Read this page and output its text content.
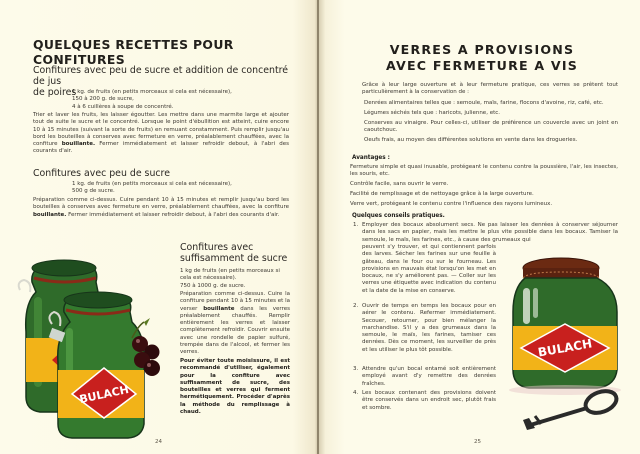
QUELQUES RECETTES POUR CONFITURES
Confitures avec peu de sucre et addition de concentré de jus
de poires
1 kg. de fruits (en petits morceaux si cela est nécessaire),
150 à 200 g. de sucre,
4 à 6 cuillères à soupe de concentré.

Trier et laver les fruits, les laisser égoutter. Les mettre dans une marmite large et ajouter tout de suite le sucre et le concentré. Lorsque le point d'ébullition est atteint, cuire encore 10 à 15 minutes (suivant la sorte de fruits) en remuant constamment. Puis remplir jusqu'au bord les bouteilles à conserves avec fermeture en verre, préalablement chauffées, avec la confiture bouillante. Fermer immédiatement et laisser refroidir debout, à l'abri des courants d'air.

Confitures avec peu de sucre
1 kg. de fruits (en petits morceaux si cela est nécessaire),
500 g de sucre.

Préparation comme ci-dessus. Cuire pendant 10 à 15 minutes et remplir jusqu'au bord les bouteilles à conserves avec fermeture en verre, préalablement chauffées, avec la confiture bouillante. Fermer immédiatement et laisser refroidir debout, à l'abri des courants d'air.

Confitures avec
suffisamment de sucre
1 kg de fruits (en petits morceaux si cela est nécessaire).
750 à 1000 g. de sucre.

Préparation comme ci-dessus. Cuire la confiture pendant 10 à 15 minutes et la verser bouillante dans les verres préalablement chauffés. Remplir entièrement les verres et laisser complètement refroidir. Couvrir ensuite avec une rondelle de papier sulfuré, trempée dans de l'alcool, et fermer les verres.

Pour éviter toute moisissure, il est recommandé d'utiliser, également pour la confiture avec suffisamment de sucre, des bouteilles et verres qui ferment hermétiquement. Procéder d'après la méthode du remplissage à chaud.

BULACH
24
VERRES A PROVISIONS
AVEC FERMETURE A VIS

Grâce à leur large ouverture et à leur fermeture pratique, ces verres se prêtent tout particulièrement à la conservation de :

Denrées alimentaires telles que : semoule, maïs, farine, flocons d'avoine, riz, café, etc.
Légumes séchés tels que : haricots, julienne, etc.
Conserves au vinaigre. Pour celles-ci, utiliser de préférence un couvercle avec un joint en caoutchouc.
Oeufs frais, au moyen des différentes solutions en vente dans les drogueries.
Avantages :
Fermeture simple et quasi inusable, protégeant le contenu contre la poussière, l'air, les insectes, les souris, etc.
Contrôle facile, sans ouvrir le verre.
Facilité de remplissage et de nettoyage grâce à la large ouverture.
Verre vert, protégeant le contenu contre l'influence des rayons lumineux.
Quelques conseils pratiques.
1. Employer des bocaux absolument secs. Ne pas laisser les denrées à conserver séjourner dans les sacs en papier, mais les mettre le plus vite possible dans les bocaux. Tamiser la semoule, le maïs, les farines, etc., à cause des grumeaux qui
peuvent s'y trouver, et qui contiennent parfois des larves. Sécher les farines sur une feuille à gâteau, dans le four ou sur le fourneau. Les provisions en mauvais état lorsqu'on les met en bocaux, ne s'y améliorent pas. — Coller sur les verres une étiquette avec indication du contenu et la date de la mise en conserve.
2. Ouvrir de temps en temps les bocaux pour en aérer le contenu. Refermer immédiatement. Secouer, retourner, pour bien mélanger la marchandise. S'il y a des grumeaux dans la semoule, le maïs, les farines, tamiser ces denrées. Dès ce moment, les surveiller de près et les utiliser le plus tôt possible.
3. Attendre qu'un bocal entamé soit entièrement employé avant d'y remettre des denrées fraîches.
4. Les bocaux contenant des provisions doivent être conservés dans un endroit sec, plutôt frais et sombre.
BULACH
25
